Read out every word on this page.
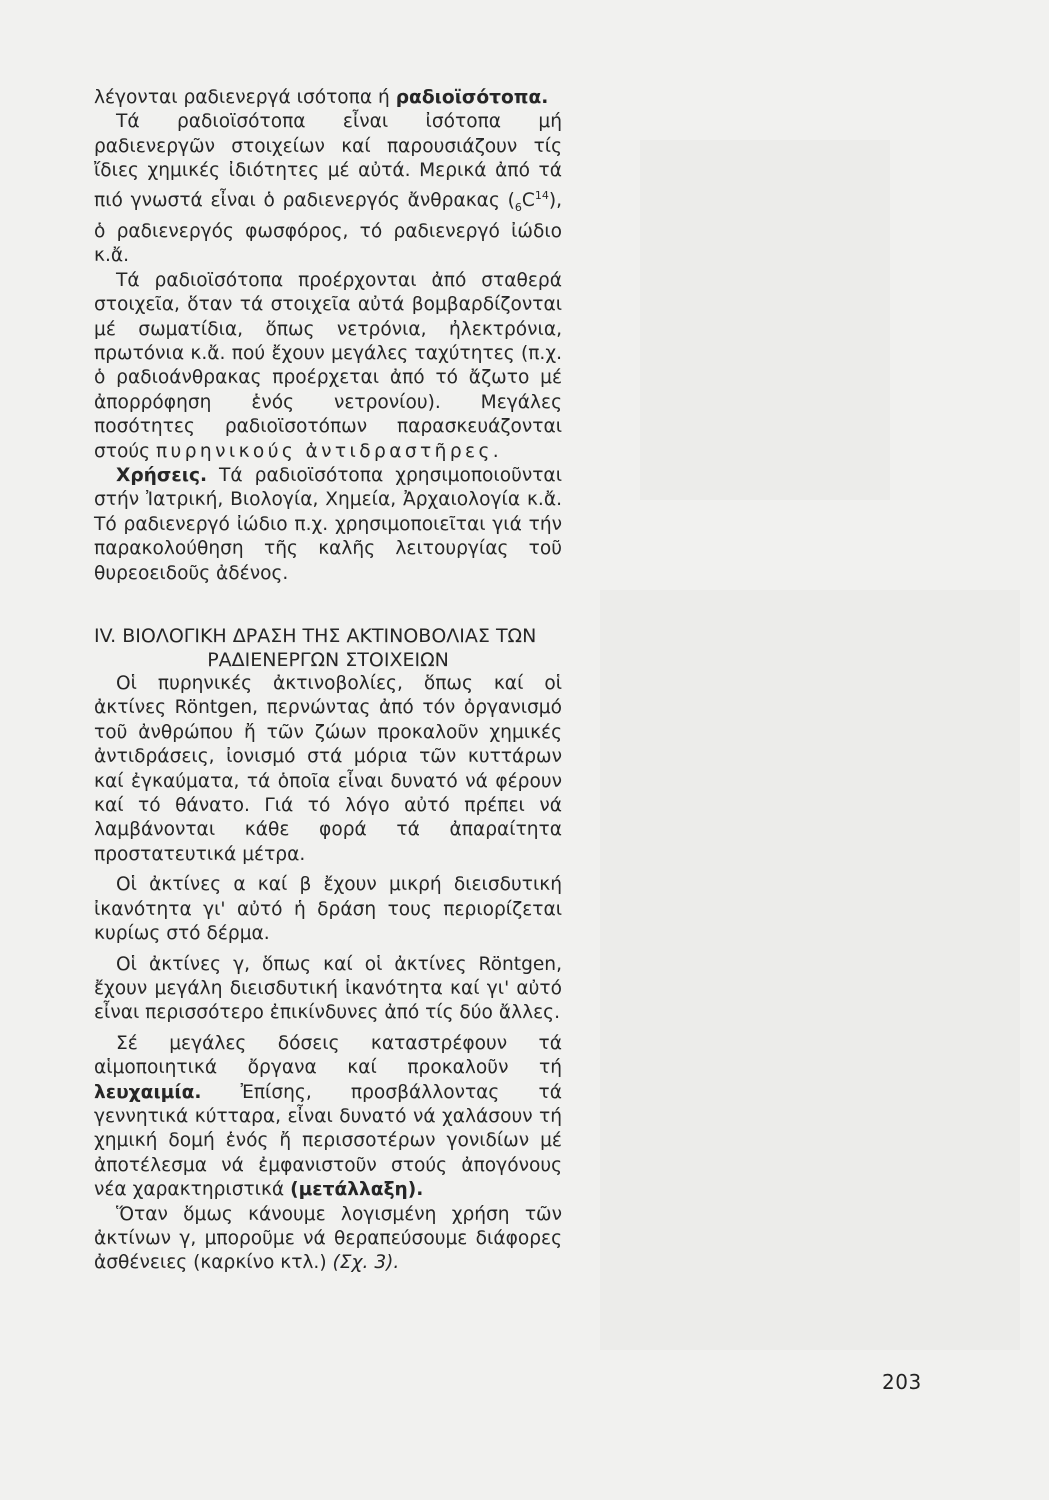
λέγονται ραδιενεργά ισότοπα ή ραδιοϊσότοπα.

Τά ραδιοϊσότοπα εἶναι ἰσότοπα μή ραδιενεργῶν στοιχείων καί παρουσιάζουν τίς ἴδιες χημικές ἰδιότητες μέ αὐτά. Μερικά ἀπό τά πιό γνωστά εἶναι ὁ ραδιενεργός ἄνθρακας $(_6C^{14})$, ὁ ραδιενεργός φωσφόρος, τό ραδιενεργό ἰώδιο κ.ἄ.

Τά ραδιοϊσότοπα προέρχονται ἀπό σταθερά στοιχεῖα, ὅταν τά στοιχεῖα αὐτά βομβαρδίζονται μέ σωματίδια, ὅπως νετρόνια, ἠλεκτρόνια, πρωτόνια κ.ἄ. πού ἔχουν μεγάλες ταχύτητες (π.χ. ὁ ραδιοάνθρακας προέρχεται ἀπό τό ἄζωτο μέ ἀπορρόφηση ἑνός νετρονίου). Μεγάλες ποσότητες ραδιοϊσοτόπων παρασκευάζονται στούς πυρηνικούς ἀντιδραστῆρες.

Χρήσεις. Τά ραδιοϊσότοπα χρησιμοποιοῦνται στήν Ἰατρική, Βιολογία, Χημεία, Ἀρχαιολογία κ.ἄ. Τό ραδιενεργό ἰώδιο π.χ. χρησιμοποιεῖται γιά τήν παρακολούθηση τῆς καλῆς λειτουργίας τοῦ θυρεοειδοῦς ἀδένος.

IV. ΒΙΟΛΟΓΙΚΗ ΔΡΑΣΗ ΤΗΣ ΑΚΤΙΝΟΒΟΛΙΑΣ ΤΩΝ
ΡΑΔΙΕΝΕΡΓΩΝ ΣΤΟΙΧΕΙΩΝ

Οἱ πυρηνικές ἀκτινοβολίες, ὅπως καί οἱ ἀκτίνες Röntgen, περνώντας ἀπό τόν ὀργανισμό τοῦ ἀνθρώπου ἤ τῶν ζώων προκαλοῦν χημικές ἀντιδράσεις, ἰονισμό στά μόρια τῶν κυττάρων καί ἐγκαύματα, τά ὁποῖα εἶναι δυνατό νά φέρουν καί τό θάνατο. Γιά τό λόγο αὐτό πρέπει νά λαμβάνονται κάθε φορά τά ἀπαραίτητα προστατευτικά μέτρα.

Οἱ ἀκτίνες α καί β ἔχουν μικρή διεισδυτική ἰκανότητα γι' αὐτό ἡ δράση τους περιορίζεται κυρίως στό δέρμα.

Οἱ ἀκτίνες γ, ὅπως καί οἱ ἀκτίνες Röntgen, ἔχουν μεγάλη διεισδυτική ἰκανότητα καί γι' αὐτό εἶναι περισσότερο ἐπικίνδυνες ἀπό τίς δύο ἄλλες.

Σέ μεγάλες δόσεις καταστρέφουν τά αἱμοποιητικά ὄργανα καί προκαλοῦν τή λευχαιμία. Ἐπίσης, προσβάλλοντας τά γεννητικά κύτταρα, εἶναι δυνατό νά χαλάσουν τή χημική δομή ἑνός ἤ περισσοτέρων γονιδίων μέ ἀποτέλεσμα νά ἐμφανιστοῦν στούς ἀπογόνους νέα χαρακτηριστικά (μετάλλαξη).

Ὅταν ὅμως κάνουμε λογισμένη χρήση τῶν ἀκτίνων γ, μποροῦμε νά θεραπεύσουμε διάφορες ἀσθένειες (καρκίνο κτλ.) (Σχ. 3).

203
